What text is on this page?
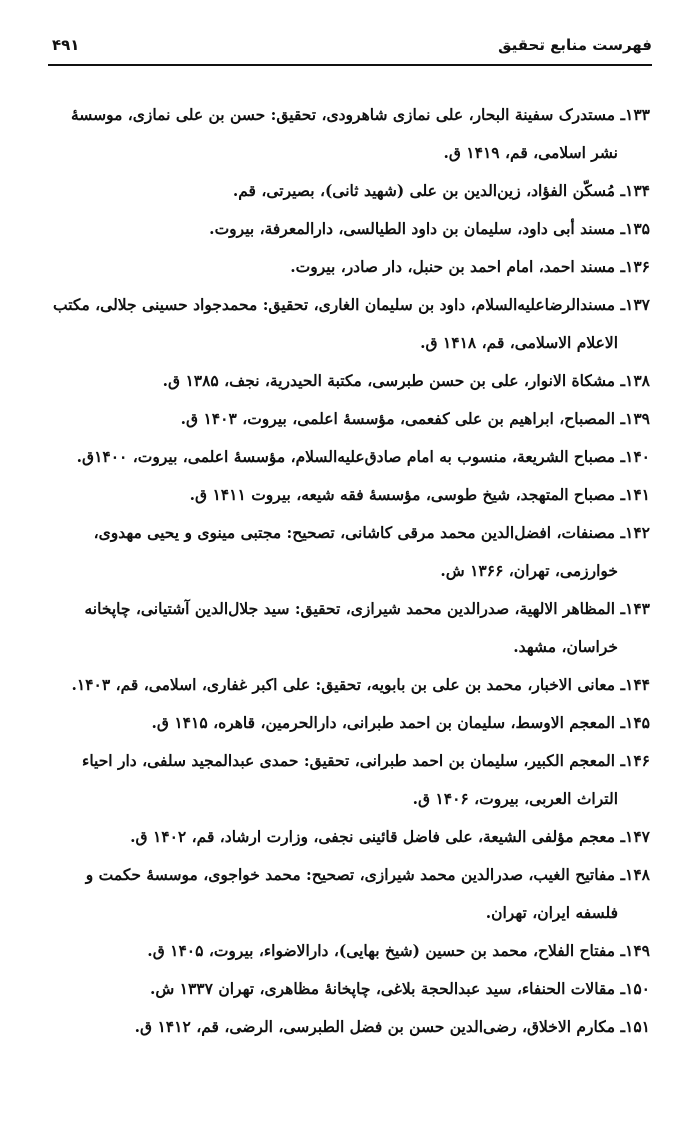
فهرست منابع تحقیق
۴۹۱
۱۳۳ـ مستدرک سفینة البحار، علی نمازی شاهرودی، تحقیق: حسن بن علی نمازی، موسسهٔ نشر اسلامی، قم، ۱۴۱۹ ق.
۱۳۴ـ مُسکّن الفؤاد، زین‌الدین بن علی (شهید ثانی)، بصیرتی، قم.
۱۳۵ـ مسند أبی داود، سلیمان بن داود الطیالسی، دارالمعرفة، بیروت.
۱۳۶ـ مسند احمد، امام احمد بن حنبل، دار صادر، بیروت.
۱۳۷ـ مسندالرضاعلیه‌السلام، داود بن سلیمان الغاری، تحقیق: محمدجواد حسینی جلالی، مکتب الاعلام الاسلامی، قم، ۱۴۱۸ ق.
۱۳۸ـ مشکاة الانوار، علی بن حسن طبرسی، مکتبة الحیدریة، نجف، ۱۳۸۵ ق.
۱۳۹ـ المصباح، ابراهیم بن علی کفعمی، مؤسسهٔ اعلمی، بیروت، ۱۴۰۳ ق.
۱۴۰ـ مصباح الشریعة، منسوب به امام صادق‌علیه‌السلام، مؤسسهٔ اعلمی، بیروت، ۱۴۰۰ق.
۱۴۱ـ مصباح المتهجد، شیخ طوسی، مؤسسهٔ فقه شیعه، بیروت ۱۴۱۱ ق.
۱۴۲ـ مصنفات، افضل‌الدین محمد مرقی کاشانی، تصحیح: مجتبی مینوی و یحیی مهدوی، خوارزمی، تهران، ۱۳۶۶ ش.
۱۴۳ـ المظاهر الالهیة، صدرالدین محمد شیرازی، تحقیق: سید جلال‌الدین آشتیانی، چاپخانه خراسان، مشهد.
۱۴۴ـ معانی الاخبار، محمد بن علی بن بابویه، تحقیق: علی اکبر غفاری، اسلامی، قم، ۱۴۰۳.
۱۴۵ـ المعجم الاوسط، سلیمان بن احمد طبرانی، دارالحرمین، قاهره، ۱۴۱۵ ق.
۱۴۶ـ المعجم الکبیر، سلیمان بن احمد طبرانی، تحقیق: حمدی عبدالمجید سلفی، دار احیاء التراث العربی، بیروت، ۱۴۰۶ ق.
۱۴۷ـ معجم مؤلفی الشیعة، علی فاضل قائینی نجفی، وزارت ارشاد، قم، ۱۴۰۲ ق.
۱۴۸ـ مفاتیح الغیب، صدرالدین محمد شیرازی، تصحیح: محمد خواجوی، موسسهٔ حکمت و فلسفه ایران، تهران.
۱۴۹ـ مفتاح الفلاح، محمد بن حسین (شیخ بهایی)، دارالاضواء، بیروت، ۱۴۰۵ ق.
۱۵۰ـ مقالات الحنفاء، سید عبدالحجة بلاغی، چاپخانهٔ مظاهری، تهران ۱۳۳۷ ش.
۱۵۱ـ مکارم الاخلاق، رضی‌الدین حسن بن فضل الطبرسی، الرضی، قم، ۱۴۱۲ ق.
